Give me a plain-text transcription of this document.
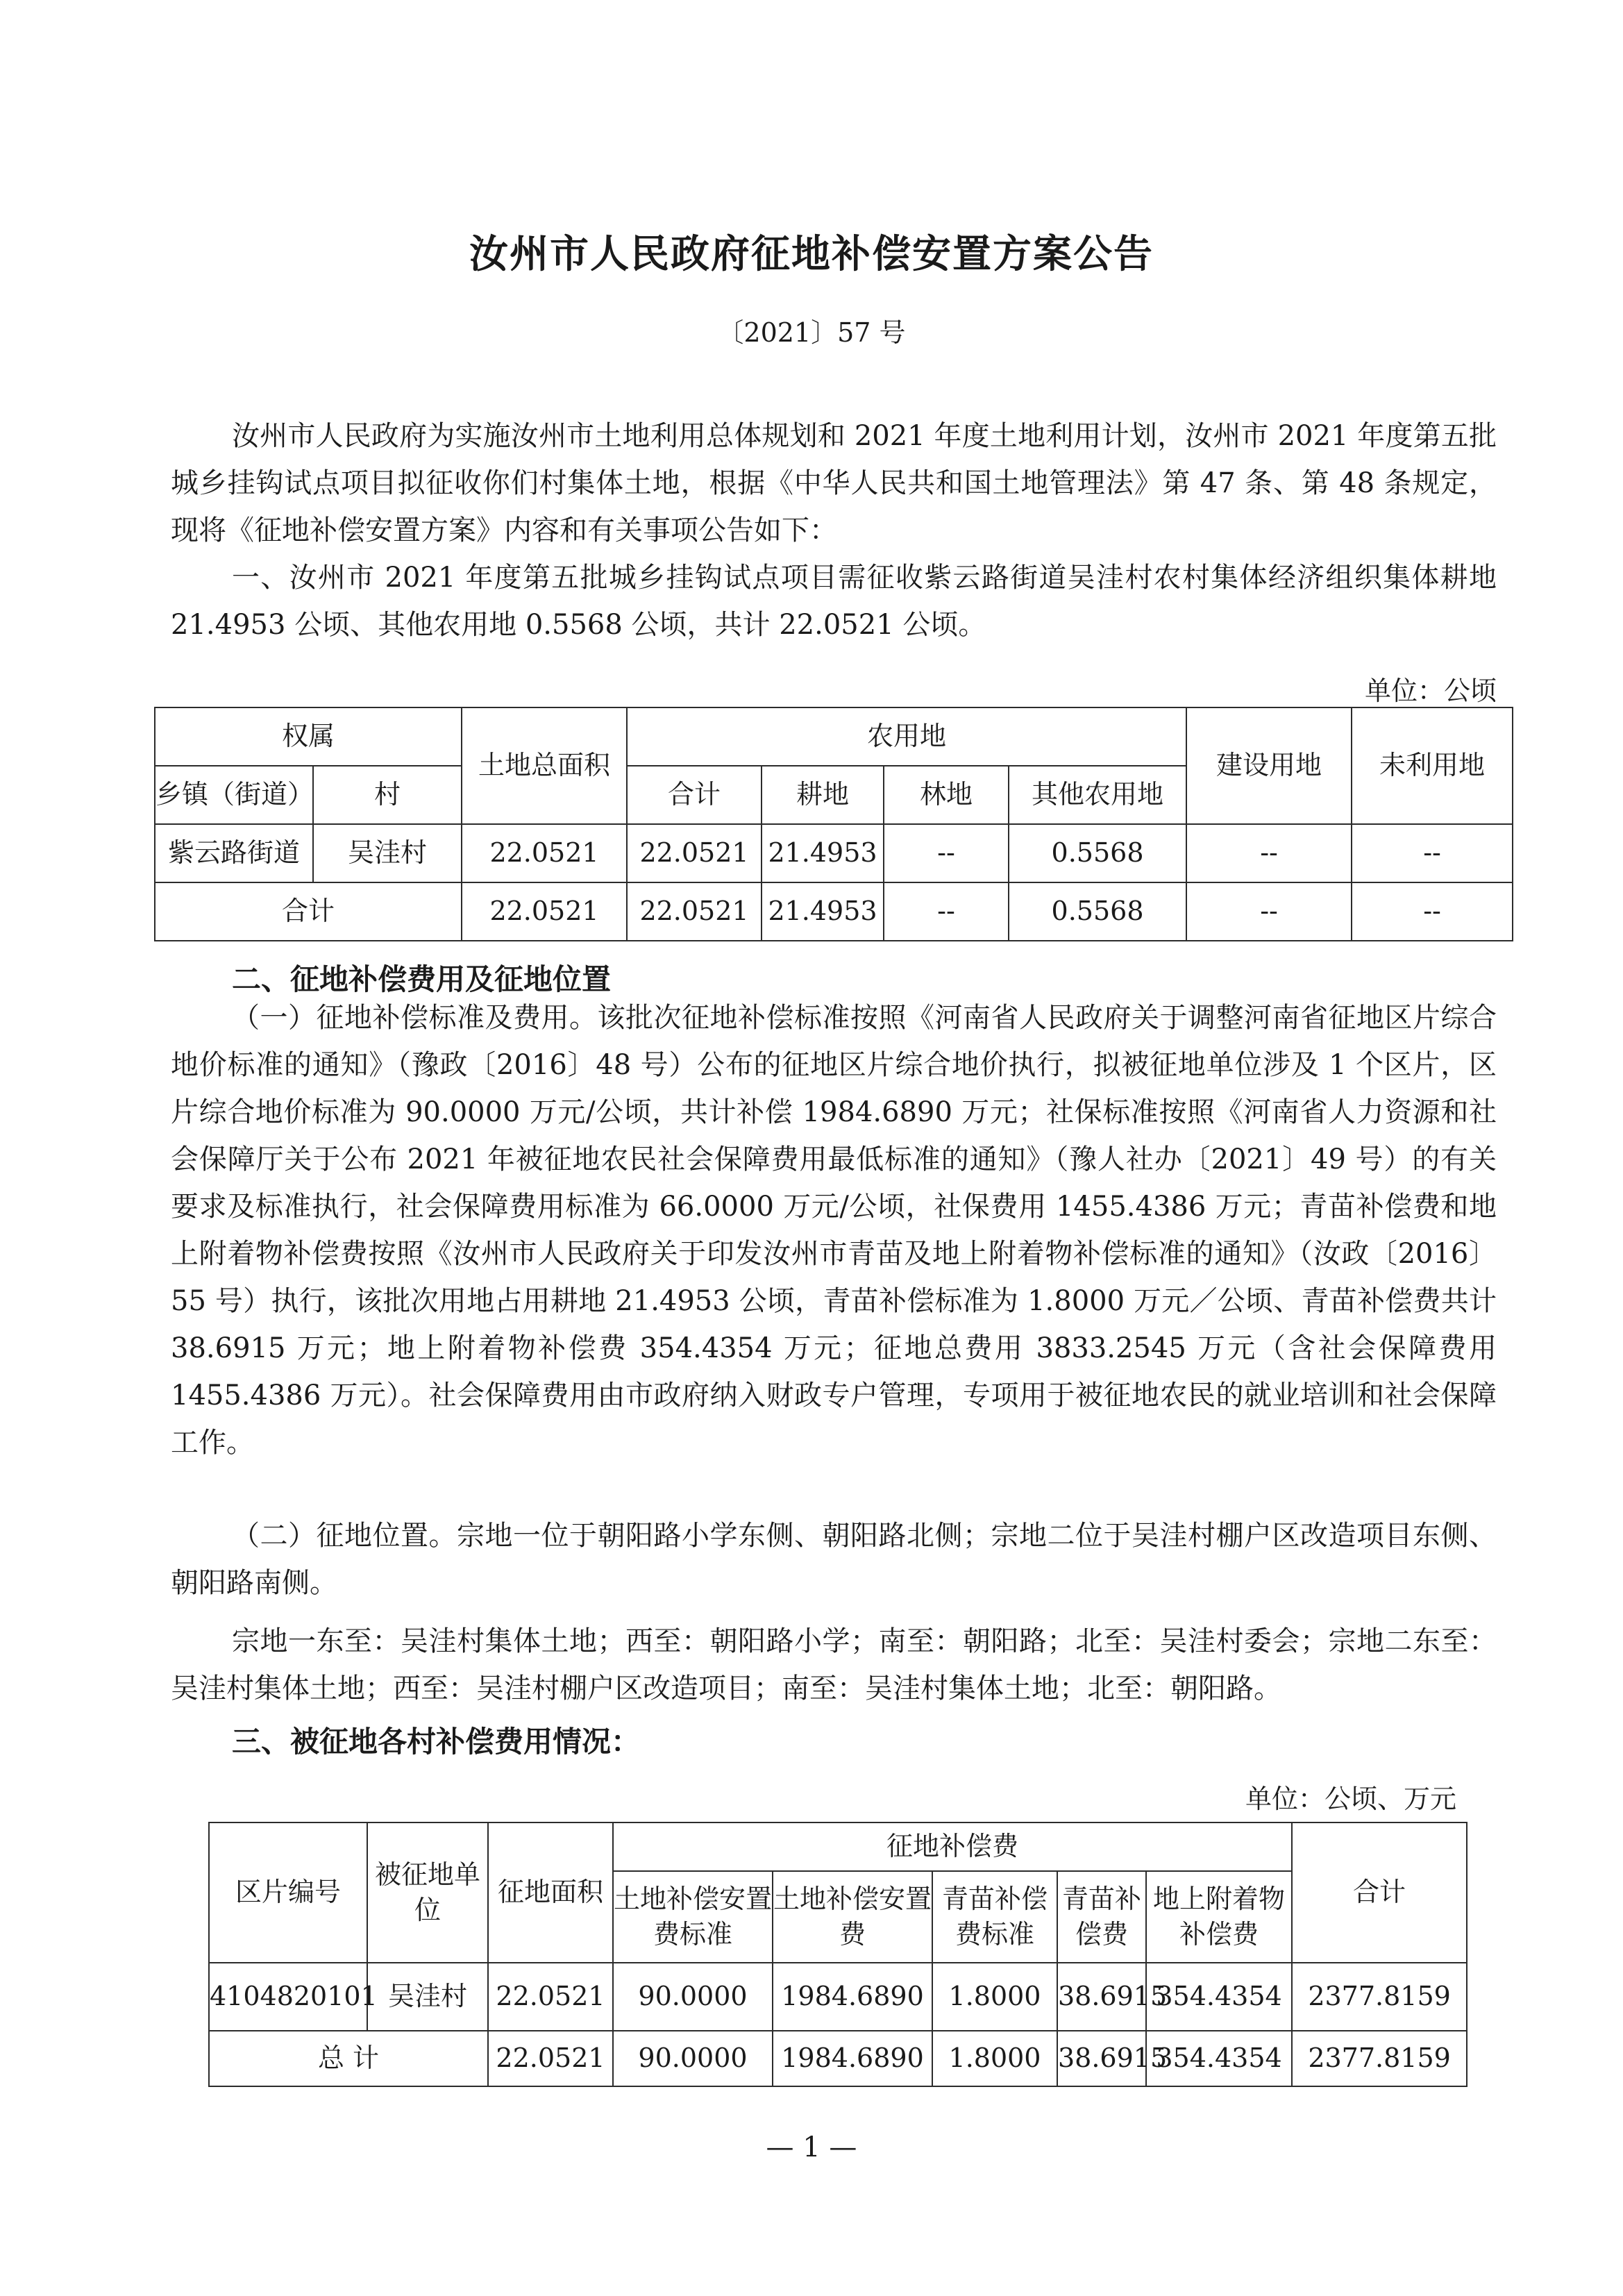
汝州市人民政府征地补偿安置方案公告
〔2021〕57 号
汝州市人民政府为实施汝州市土地利用总体规划和 2021 年度土地利用计划，汝州市 2021 年度第五批城乡挂钩试点项目拟征收你们村集体土地，根据《中华人民共和国土地管理法》第 47 条、第 48 条规定，现将《征地补偿安置方案》内容和有关事项公告如下：
一、汝州市 2021 年度第五批城乡挂钩试点项目需征收紫云路街道吴洼村农村集体经济组织集体耕地 21.4953 公顷、其他农用地 0.5568 公顷，共计 22.0521 公顷。
单位：公顷
权属		土地总面积	农用地				建设用地	未利用地
乡镇（街道）	村		合计	耕地	林地	其他农用地		
紫云路街道	吴洼村	22.0521	22.0521	21.4953	--	0.5568	--	--
合计		22.0521	22.0521	21.4953	--	0.5568	--	--
二、征地补偿费用及征地位置
（一）征地补偿标准及费用。该批次征地补偿标准按照《河南省人民政府关于调整河南省征地区片综合地价标准的通知》（豫政〔2016〕48 号）公布的征地区片综合地价执行，拟被征地单位涉及 1 个区片，区片综合地价标准为 90.0000 万元/公顷，共计补偿 1984.6890 万元；社保标准按照《河南省人力资源和社会保障厅关于公布 2021 年被征地农民社会保障费用最低标准的通知》（豫人社办〔2021〕49 号）的有关要求及标准执行，社会保障费用标准为 66.0000 万元/公顷，社保费用 1455.4386 万元；青苗补偿费和地上附着物补偿费按照《汝州市人民政府关于印发汝州市青苗及地上附着物补偿标准的通知》（汝政〔2016〕55 号）执行，该批次用地占用耕地 21.4953 公顷，青苗补偿标准为 1.8000 万元／公顷、青苗补偿费共计 38.6915 万元；地上附着物补偿费 354.4354 万元；征地总费用 3833.2545 万元（含社会保障费用 1455.4386 万元）。社会保障费用由市政府纳入财政专户管理，专项用于被征地农民的就业培训和社会保障工作。
（二）征地位置。宗地一位于朝阳路小学东侧、朝阳路北侧；宗地二位于吴洼村棚户区改造项目东侧、朝阳路南侧。
宗地一东至：吴洼村集体土地；西至：朝阳路小学；南至：朝阳路；北至：吴洼村委会；宗地二东至：吴洼村集体土地；西至：吴洼村棚户区改造项目；南至：吴洼村集体土地；北至：朝阳路。
三、被征地各村补偿费用情况：
单位：公顷、万元
区片编号	被征地单位	征地面积	征地补偿费					合计
			土地补偿安置费标准	土地补偿安置费	青苗补偿费标准	青苗补偿费	地上附着物补偿费	
4104820101	吴洼村	22.0521	90.0000	1984.6890	1.8000	38.6915	354.4354	2377.8159
总 计		22.0521	90.0000	1984.6890	1.8000	38.6915	354.4354	2377.8159
— 1 —
